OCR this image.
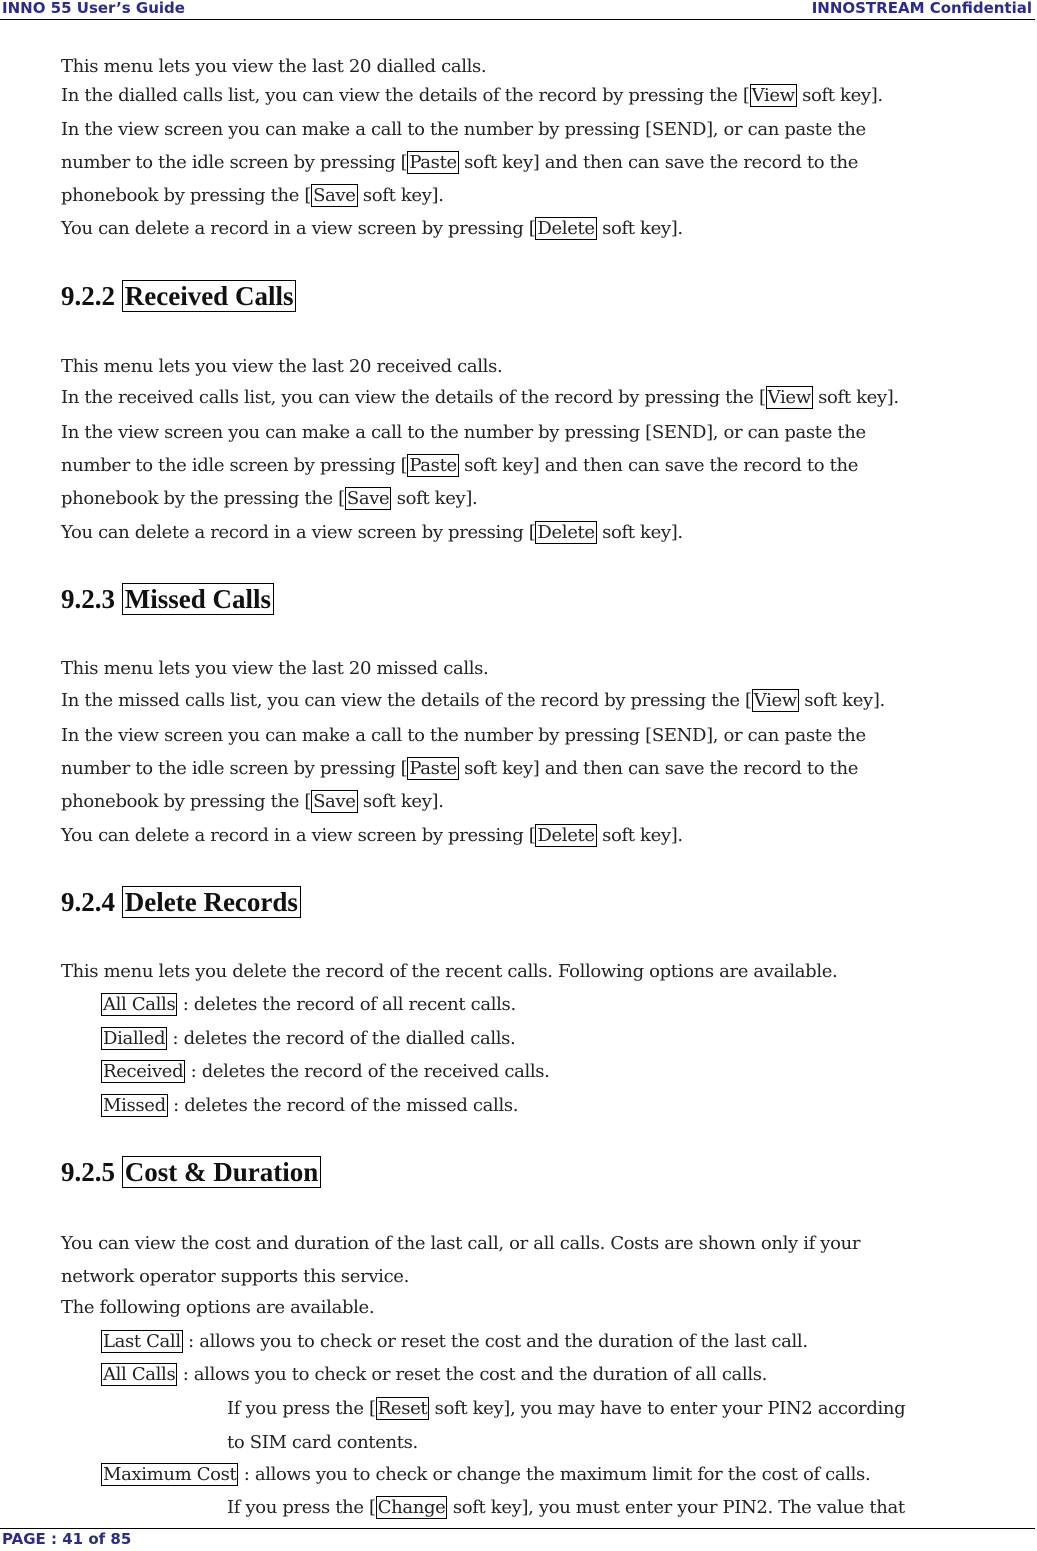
INNO 55 User’s Guide	INNOSTREAM Confidential
This menu lets you view the last 20 dialled calls.
In the dialled calls list, you can view the details of the record by pressing the [ View soft key].
In the view screen you can make a call to the number by pressing [SEND], or can paste the
number to the idle screen by pressing [ Paste soft key] and then can save the record to the
phonebook by pressing the [ Save soft key].
You can delete a record in a view screen by pressing [ Delete soft key].
9.2.2 Received Calls
This menu lets you view the last 20 received calls.
In the received calls list, you can view the details of the record by pressing the [ View soft key].
In the view screen you can make a call to the number by pressing [SEND], or can paste the
number to the idle screen by pressing [ Paste soft key] and then can save the record to the
phonebook by the pressing the [ Save soft key].
You can delete a record in a view screen by pressing [ Delete soft key].
9.2.3 Missed Calls
This menu lets you view the last 20 missed calls.
In the missed calls list, you can view the details of the record by pressing the [ View soft key].
In the view screen you can make a call to the number by pressing [SEND], or can paste the
number to the idle screen by pressing [ Paste soft key] and then can save the record to the
phonebook by pressing the [ Save soft key].
You can delete a record in a view screen by pressing [ Delete soft key].
9.2.4 Delete Records
This menu lets you delete the record of the recent calls. Following options are available.
All Calls : deletes the record of all recent calls.
Dialled : deletes the record of the dialled calls.
Received : deletes the record of the received calls.
Missed : deletes the record of the missed calls.
9.2.5 Cost & Duration
You can view the cost and duration of the last call, or all calls. Costs are shown only if your
network operator supports this service.
The following options are available.
Last Call : allows you to check or reset the cost and the duration of the last call.
All Calls : allows you to check or reset the cost and the duration of all calls.
If you press the [ Reset soft key], you may have to enter your PIN2 according
to SIM card contents.
Maximum Cost : allows you to check or change the maximum limit for the cost of calls.
If you press the [ Change soft key], you must enter your PIN2. The value that
PAGE : 41 of 85
